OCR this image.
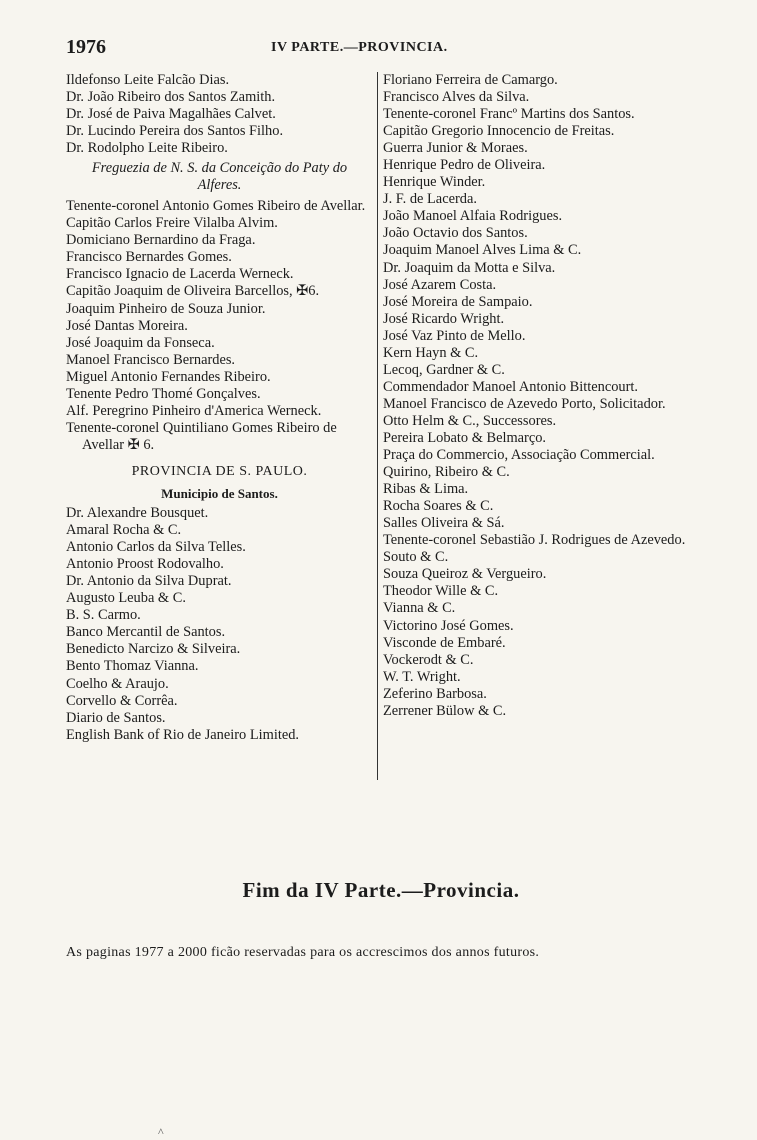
1976	IV PARTE.—PROVINCIA.
Ildefonso Leite Falcão Dias.
Dr. João Ribeiro dos Santos Zamith.
Dr. José de Paiva Magalhães Calvet.
Dr. Lucindo Pereira dos Santos Filho.
Dr. Rodolpho Leite Ribeiro.
Freguezia de N. S. da Conceição do Paty do Alferes.
Tenente-coronel Antonio Gomes Ribeiro de Avellar.
Capitão Carlos Freire Vilalba Alvim.
Domiciano Bernardino da Fraga.
Francisco Bernardes Gomes.
Francisco Ignacio de Lacerda Werneck.
Capitão Joaquim de Oliveira Barcellos, ✠6.
Joaquim Pinheiro de Souza Junior.
José Dantas Moreira.
José Joaquim da Fonseca.
Manoel Francisco Bernardes.
Miguel Antonio Fernandes Ribeiro.
Tenente Pedro Thomé Gonçalves.
Alf. Peregrino Pinheiro d'America Werneck.
Tenente-coronel Quintiliano Gomes Ribeiro de Avellar ✠ 6.
PROVINCIA DE S. PAULO.
Municipio de Santos.
Dr. Alexandre Bousquet.
Amaral Rocha & C.
Antonio Carlos da Silva Telles.
Antonio Proost Rodovalho.
Dr. Antonio da Silva Duprat.
Augusto Leuba & C.
B. S. Carmo.
Banco Mercantil de Santos.
Benedicto Narcizo & Silveira.
Bento Thomaz Vianna.
Coelho & Araujo.
Corvello & Corrêa.
Diario de Santos.
English Bank of Rio de Janeiro Limited.
Floriano Ferreira de Camargo.
Francisco Alves da Silva.
Tenente-coronel Francº Martins dos Santos.
Capitão Gregorio Innocencio de Freitas.
Guerra Junior & Moraes.
Henrique Pedro de Oliveira.
Henrique Winder.
J. F. de Lacerda.
João Manoel Alfaia Rodrigues.
João Octavio dos Santos.
Joaquim Manoel Alves Lima & C.
Dr. Joaquim da Motta e Silva.
José Azarem Costa.
José Moreira de Sampaio.
José Ricardo Wright.
José Vaz Pinto de Mello.
Kern Hayn & C.
Lecoq, Gardner & C.
Commendador Manoel Antonio Bittencourt.
Manoel Francisco de Azevedo Porto, Solicitador.
Otto Helm & C., Successores.
Pereira Lobato & Belmarço.
Praça do Commercio, Associação Commercial.
Quirino, Ribeiro & C.
Ribas & Lima.
Rocha Soares & C.
Salles Oliveira & Sá.
Tenente-coronel Sebastião J. Rodrigues de Azevedo.
Souto & C.
Souza Queiroz & Vergueiro.
Theodor Wille & C.
Vianna & C.
Victorino José Gomes.
Visconde de Embaré.
Vockerodt & C.
W. T. Wright.
Zeferino Barbosa.
Zerrener Bülow & C.
Fim da IV Parte.—Provincia.
As paginas 1977 a 2000 ficão reservadas para os accrescimos dos annos futuros.
^
